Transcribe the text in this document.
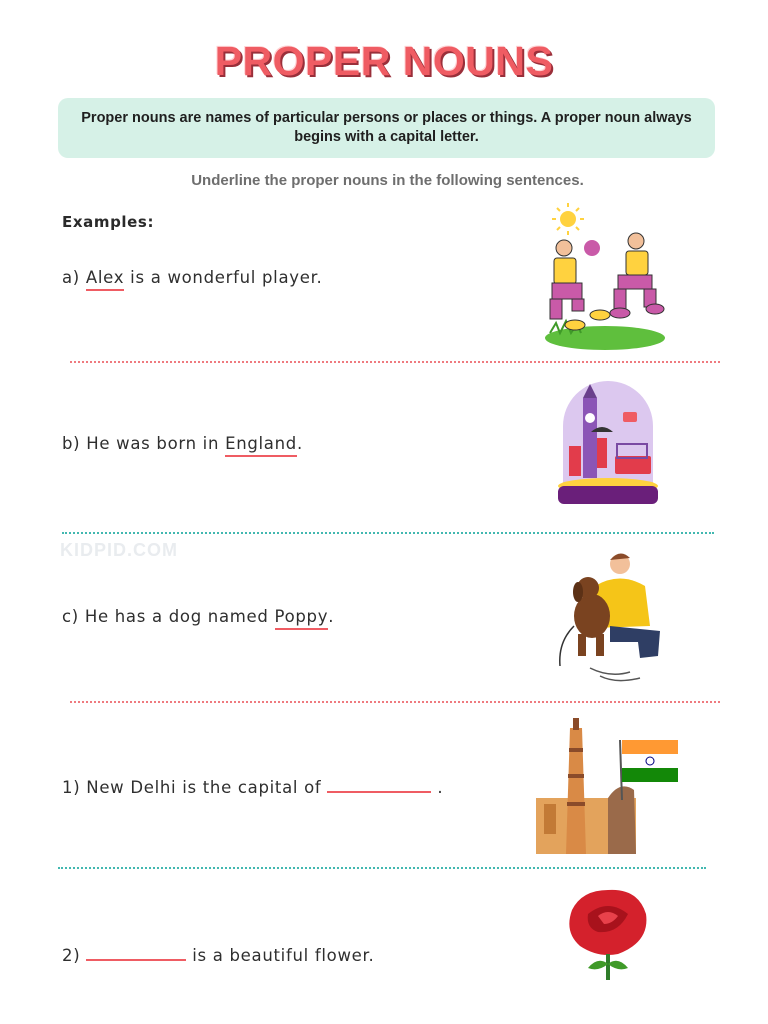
PROPER NOUNS
Proper nouns are names of particular persons or places or things. A proper noun always begins with a capital letter.
Underline the proper nouns in the following sentences.
Examples:
a) Alex is a wonderful player.
b) He was born in England.
KIDPID.COM
c) He has a dog named Poppy.
1) New Delhi is the capital of	.
2)	is a beautiful flower.
